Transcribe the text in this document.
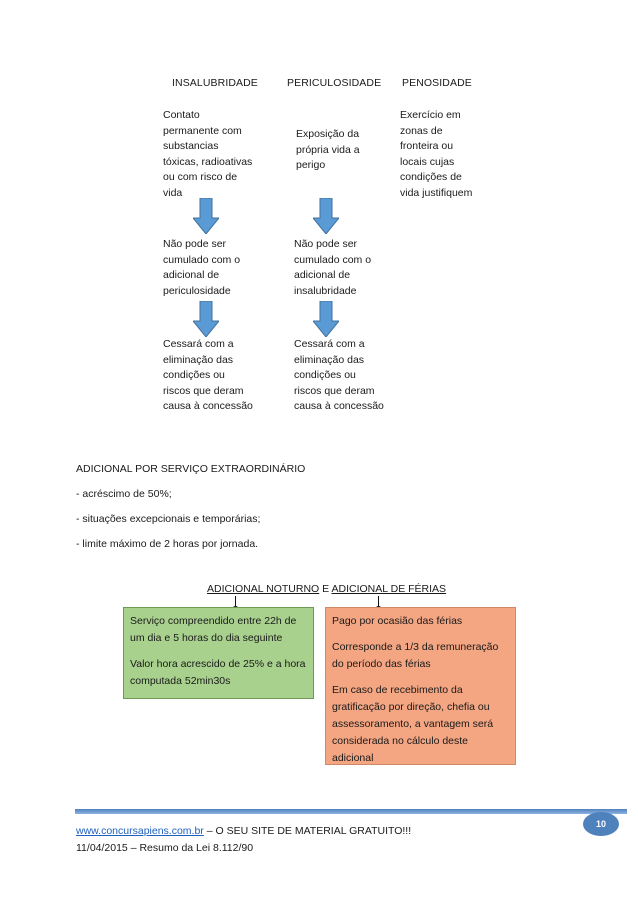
INSALUBRIDADE	PERICULOSIDADE PENOSIDADE
Contato
permanente com
substancias
tóxicas, radioativas
ou com risco de
vida
Não pode ser
cumulado com o
adicional de
periculosidade
Cessará com a
eliminação das
condições ou
riscos que deram
causa à concessão
Exposição da
própria vida a
perigo
Não pode ser
cumulado com o
adicional de
insalubridade
Cessará com a
eliminação das
condições ou
riscos que deram
causa à concessão
Exercício em
zonas de
fronteira ou
locais cujas
condições de
vida justifiquem
ADICIONAL POR SERVIÇO EXTRAORDINÁRIO
- acréscimo de 50%;
- situações excepcionais e temporárias;
- limite máximo de 2 horas por jornada.
ADICIONAL NOTURNO E ADICIONAL DE FÉRIAS

Serviço compreendido entre 22h de um dia e 5 horas do dia seguinte

Valor hora acrescido de 25% e a hora computada 52min30s

Pago por ocasião das férias

Corresponde a 1/3 da remuneração do período das férias

Em caso de recebimento da gratificação por direção, chefia ou assessoramento, a vantagem será considerada no cálculo deste adicional

www.concursapiens.com.br – O SEU SITE DE MATERIAL GRATUITO!!!
11/04/2015 – Resumo da Lei 8.112/90
10
